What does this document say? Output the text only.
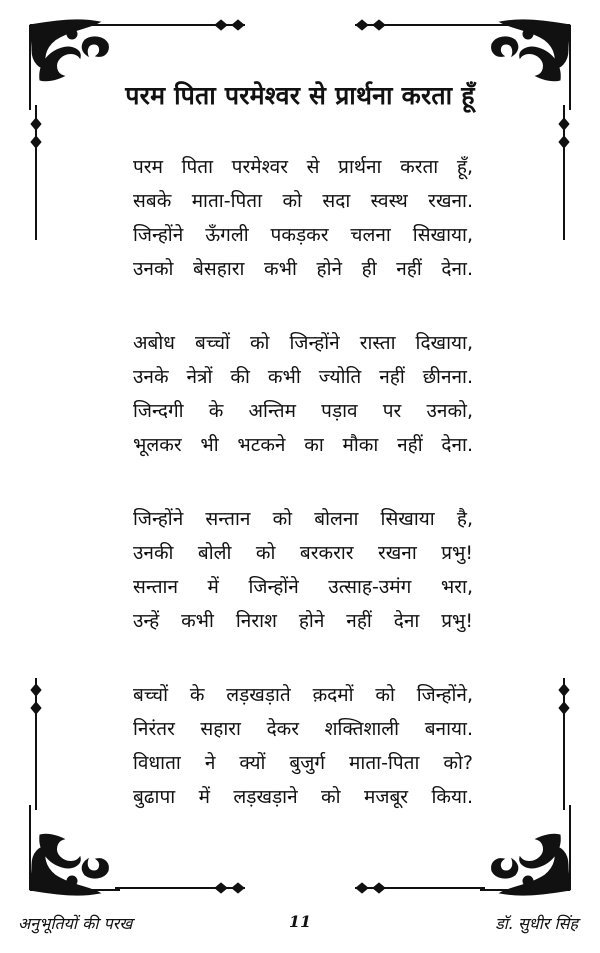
परम पिता परमेश्वर से प्रार्थना करता हूँ
परम पिता परमेश्वर से प्रार्थना करता हूँ,
सबके माता-पिता को सदा स्वस्थ रखना.
जिन्होंने ऊँगली पकड़कर चलना सिखाया,
उनको बेसहारा कभी होने ही नहीं देना.
अबोध बच्चों को जिन्होंने रास्ता दिखाया,
उनके नेत्रों की कभी ज्योति नहीं छीनना.
जिन्दगी के अन्तिम पड़ाव पर उनको,
भूलकर भी भटकने का मौका नहीं देना.
जिन्होंने सन्तान को बोलना सिखाया है,
उनकी बोली को बरकरार रखना प्रभु!
सन्तान में जिन्होंने उत्साह-उमंग भरा,
उन्हें कभी निराश होने नहीं देना प्रभु!
बच्चों के लड़खड़ाते क़दमों को जिन्होंने,
निरंतर सहारा देकर शक्तिशाली बनाया.
विधाता ने क्यों बुजुर्ग माता-पिता को?
बुढापा में लड़खड़ाने को मजबूर किया.
अनुभूतियों की परख	11	डॉ. सुधीर सिंह
